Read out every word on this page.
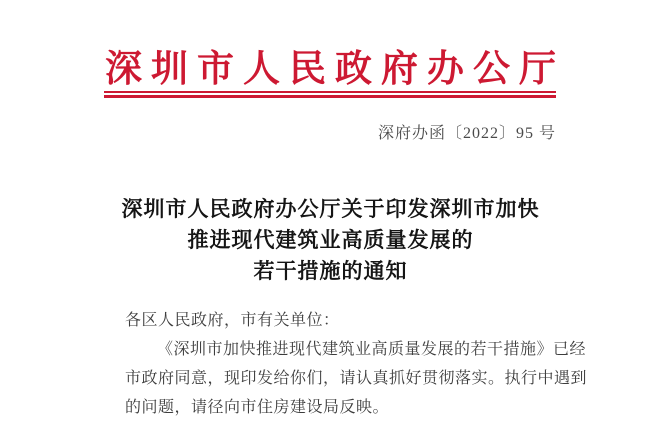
深圳市人民政府办公厅
深府办函〔2022〕95 号
深圳市人民政府办公厅关于印发深圳市加快
推进现代建筑业高质量发展的
若干措施的通知
各区人民政府，市有关单位：
《深圳市加快推进现代建筑业高质量发展的若干措施》已经
市政府同意，现印发给你们，请认真抓好贯彻落实。执行中遇到
的问题，请径向市住房建设局反映。
